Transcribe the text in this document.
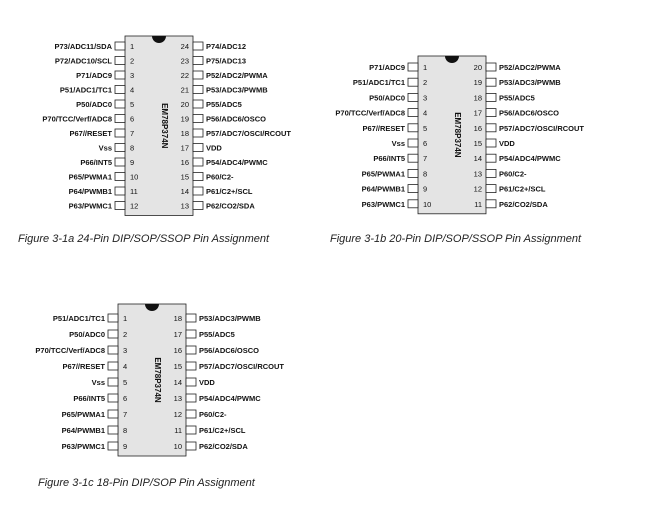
EM78P374N
1
P73/ADC11/SDA
2
P72/ADC10/SCL
3
P71/ADC9
4
P51/ADC1/TC1
5
P50/ADC0
6
P70/TCC/Verf/ADC8
7
P67//RESET
8
Vss
9
P66/INT5
10
P65/PWMA1
11
P64/PWMB1
12
P63/PWMC1
24 P74/ADC12
23 P75/ADC13
22 P52/ADC2/PWMA
21 P53/ADC3/PWMB
20 P55/ADC5
19 P56/ADC6/OSCO
18 P57/ADC7/OSCI/RCOUT
17 VDD
16 P54/ADC4/PWMC
15 P60/C2-
14 P61/C2+/SCL
13 P62/CO2/SDA
Figure 3-1a 24-Pin DIP/SOP/SSOP Pin Assignment
EM78P374N
1
P71/ADC9
2
P51/ADC1/TC1
3
P50/ADC0
4
P70/TCC/Verf/ADC8
5
P67//RESET
6
Vss
7
P66/INT5
8
P65/PWMA1
9
P64/PWMB1
10
P63/PWMC1
20 P52/ADC2/PWMA
19 P53/ADC3/PWMB
18 P55/ADC5
17 P56/ADC6/OSCO
16 P57/ADC7/OSCI/RCOUT
15 VDD
14 P54/ADC4/PWMC
13 P60/C2-
12 P61/C2+/SCL
11 P62/CO2/SDA
Figure 3-1b 20-Pin DIP/SOP/SSOP Pin Assignment
EM78P374N
1
P51/ADC1/TC1
2
P50/ADC0
3
P70/TCC/Verf/ADC8
4
P67//RESET
5
Vss
6
P66/INT5
7
P65/PWMA1
8
P64/PWMB1
9
P63/PWMC1
18 P53/ADC3/PWMB
17 P55/ADC5
16 P56/ADC6/OSCO
15 P57/ADC7/OSCI/RCOUT
14 VDD
13 P54/ADC4/PWMC
12 P60/C2-
11 P61/C2+/SCL
10 P62/CO2/SDA
Figure 3-1c 18-Pin DIP/SOP Pin Assignment
